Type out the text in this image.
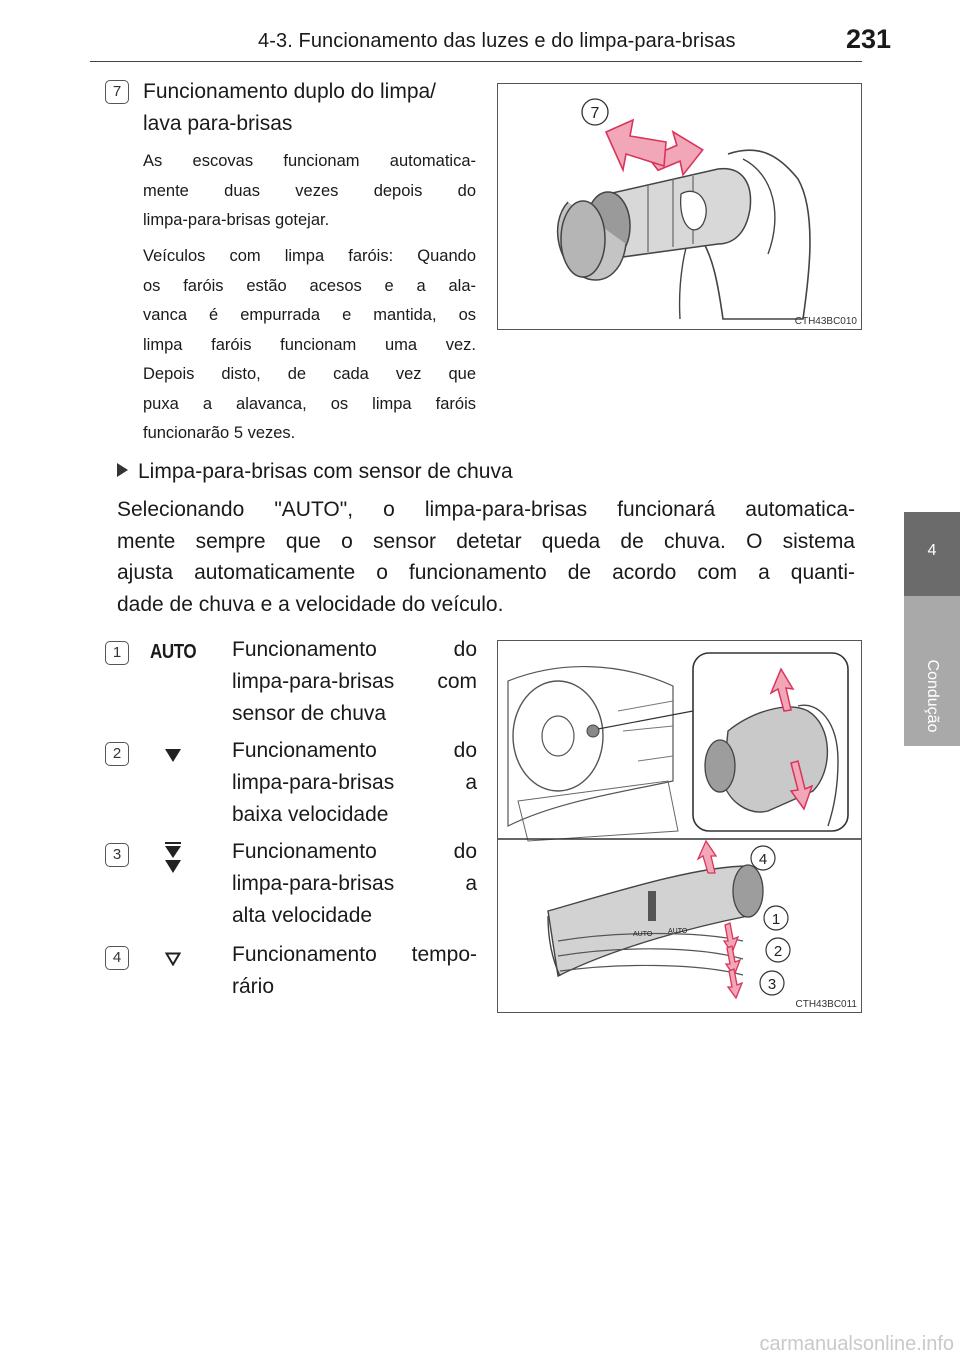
4-3. Funcionamento das luzes e do limpa-para-brisas	231
4
Condução
7	Funcionamento duplo do limpa/
lava para-brisas
As escovas funcionam automatica-
mente duas vezes depois do
limpa-para-brisas gotejar.
Veículos com limpa faróis: Quando
os faróis estão acesos e a ala-
vanca é empurrada e mantida, os
limpa faróis funcionam uma vez.
Depois disto, de cada vez que
puxa a alavanca, os limpa faróis
funcionarão 5 vezes.
7
CTH43BC010
Limpa-para-brisas com sensor de chuva
Selecionando "AUTO", o limpa-para-brisas funcionará automatica-
mente sempre que o sensor detetar queda de chuva. O sistema
ajusta automaticamente o funcionamento de acordo com a quanti-
dade de chuva e a velocidade do veículo.
1	AUTO Funcionamento do
limpa-para-brisas com
sensor de chuva
2	Funcionamento do
limpa-para-brisas a
baixa velocidade
3	Funcionamento do
limpa-para-brisas a
alta velocidade
4	Funcionamento tempo-
rário
AUTO AUTO
4
1
2
3
CTH43BC011
carmanualsonline.info
